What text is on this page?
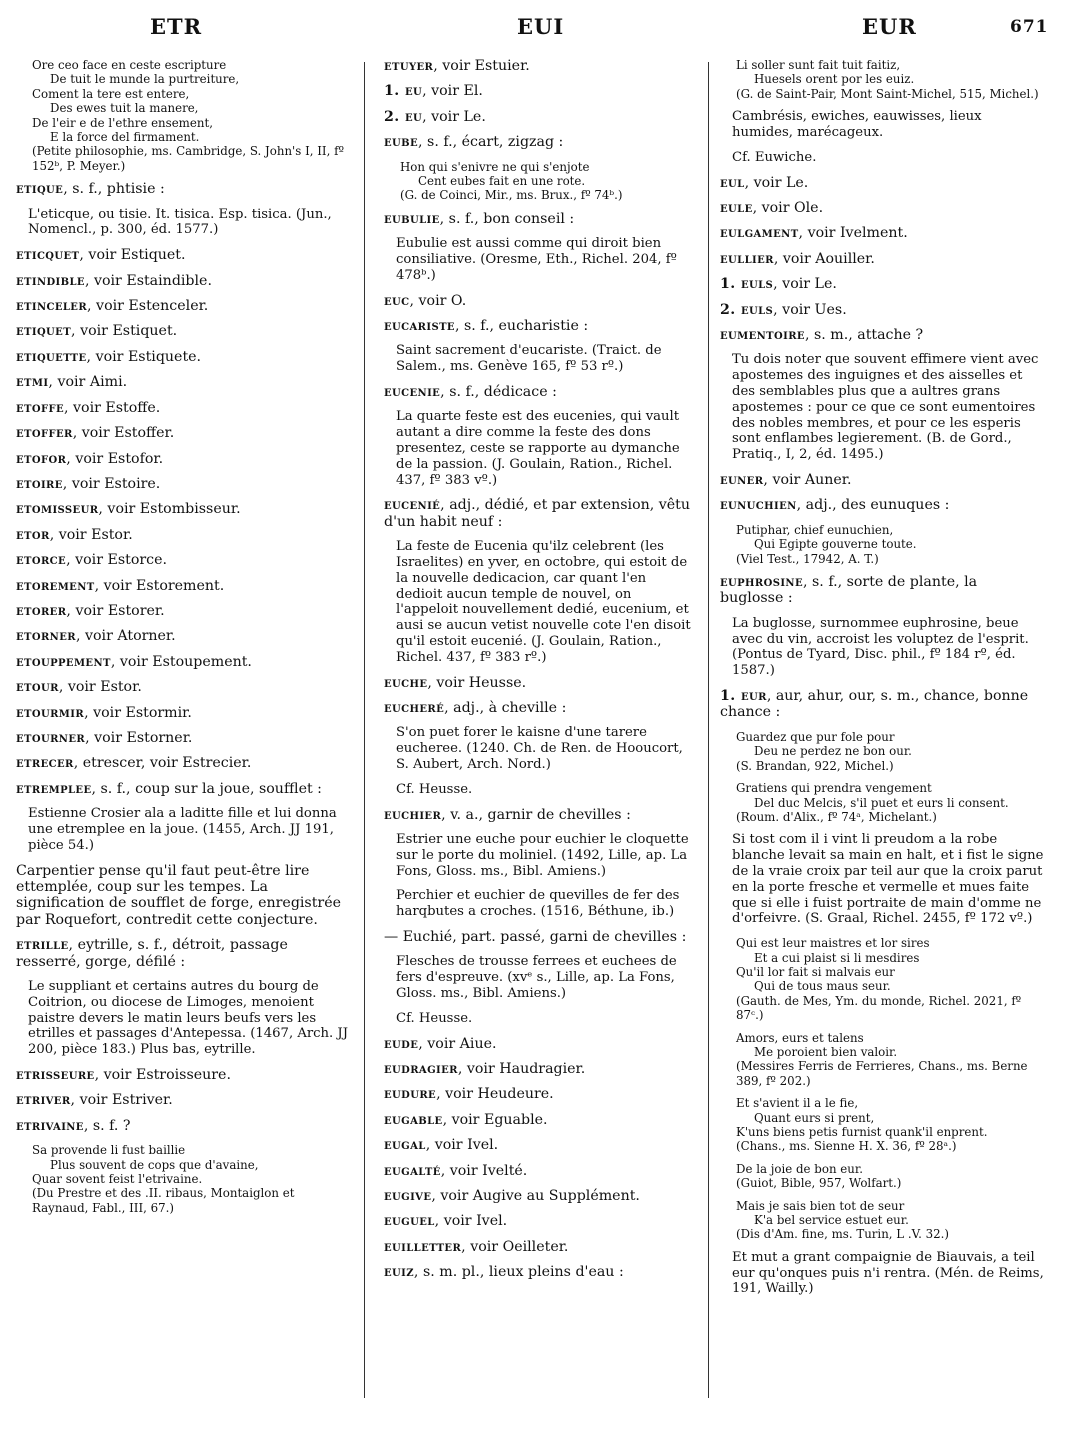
ETR	EUI	EUR	671
Ore ceo face en ceste escripture
De tuit le munde la purtreiture,
Coment la tere est entere,
Des ewes tuit la manere,
De l'eir e de l'ethre ensement,
E la force del firmament.
(Petite philosophie, ms. Cambridge, S. John's I, II, fº 152ᵇ, P. Meyer.)

etique, s. f., phtisie :

L'eticque, ou tisie. It. tisica. Esp. tisica. (Jun., Nomencl., p. 300, éd. 1577.)

eticquet, voir Estiquet.

etindible, voir Estaindible.

etinceler, voir Estenceler.

etiquet, voir Estiquet.

etiquette, voir Estiquete.

etmi, voir Aimi.

etoffe, voir Estoffe.

etoffer, voir Estoffer.

etofor, voir Estofor.

etoire, voir Estoire.

etomisseur, voir Estombisseur.

etor, voir Estor.

etorce, voir Estorce.

etorement, voir Estorement.

etorer, voir Estorer.

etorner, voir Atorner.

etouppement, voir Estoupement.

etour, voir Estor.

etourmir, voir Estormir.

etourner, voir Estorner.

etrecer, etrescer, voir Estrecier.

etremplee, s. f., coup sur la joue, soufflet :

Estienne Crosier ala a laditte fille et lui donna une etremplee en la joue. (1455, Arch. JJ 191, pièce 54.)

Carpentier pense qu'il faut peut-être lire ettemplée, coup sur les tempes. La signification de soufflet de forge, enregistrée par Roquefort, contredit cette conjecture.

etrille, eytrille, s. f., détroit, passage resserré, gorge, défilé :

Le suppliant et certains autres du bourg de Coitrion, ou diocese de Limoges, menoient paistre devers le matin leurs beufs vers les etrilles et passages d'Antepessa. (1467, Arch. JJ 200, pièce 183.) Plus bas, eytrille.

etrisseure, voir Estroisseure.

etriver, voir Estriver.

etrivaine, s. f. ?

Sa provende li fust baillie
Plus souvent de cops que d'avaine,
Quar sovent feist l'etrivaine.
(Du Prestre et des .II. ribaus, Montaiglon et Raynaud, Fabl., III, 67.)

etuyer, voir Estuier.

1. eu, voir El.

2. eu, voir Le.

eube, s. f., écart, zigzag :

Hon qui s'enivre ne qui s'enjote
Cent eubes fait en une rote.
(G. de Coinci, Mir., ms. Brux., fº 74ᵇ.)

eubulie, s. f., bon conseil :

Eubulie est aussi comme qui diroit bien consiliative. (Oresme, Eth., Richel. 204, fº 478ᵇ.)

euc, voir O.

eucariste, s. f., eucharistie :

Saint sacrement d'eucariste. (Traict. de Salem., ms. Genève 165, fº 53 rº.)

eucenie, s. f., dédicace :

La quarte feste est des eucenies, qui vault autant a dire comme la feste des dons presentez, ceste se rapporte au dymanche de la passion. (J. Goulain, Ration., Richel. 437, fº 383 vº.)

eucenié, adj., dédié, et par extension, vêtu d'un habit neuf :

La feste de Eucenia qu'ilz celebrent (les Israelites) en yver, en octobre, qui estoit de la nouvelle dedicacion, car quant l'en dedioit aucun temple de nouvel, on l'appeloit nouvellement dedié, eucenium, et ausi se aucun vetist nouvelle cote l'en disoit qu'il estoit eucenié. (J. Goulain, Ration., Richel. 437, fº 383 rº.)

euche, voir Heusse.

eucheré, adj., à cheville :

S'on puet forer le kaisne d'une tarere eucheree. (1240. Ch. de Ren. de Hooucort, S. Aubert, Arch. Nord.)

Cf. Heusse.

euchier, v. a., garnir de chevilles :

Estrier une euche pour euchier le cloquette sur le porte du moliniel. (1492, Lille, ap. La Fons, Gloss. ms., Bibl. Amiens.)

Perchier et euchier de quevilles de fer des harqbutes a croches. (1516, Béthune, ib.)

— Euchié, part. passé, garni de chevilles :

Flesches de trousse ferrees et euchees de fers d'espreuve. (xvᵉ s., Lille, ap. La Fons, Gloss. ms., Bibl. Amiens.)

Cf. Heusse.

eude, voir Aiue.

eudragier, voir Haudragier.

eudure, voir Heudeure.

eugable, voir Eguable.

eugal, voir Ivel.

eugalté, voir Ivelté.

eugive, voir Augive au Supplément.

euguel, voir Ivel.

euilletter, voir Oeilleter.

euiz, s. m. pl., lieux pleins d'eau :

Li soller sunt fait tuit faitiz,
Huesels orent por les euiz.
(G. de Saint-Pair, Mont Saint-Michel, 515, Michel.)

Cambrésis, ewiches, eauwisses, lieux humides, marécageux.

Cf. Euwiche.

eul, voir Le.

eule, voir Ole.

eulgament, voir Ivelment.

eullier, voir Aouiller.

1. euls, voir Le.

2. euls, voir Ues.

eumentoire, s. m., attache ?

Tu dois noter que souvent effimere vient avec apostemes des inguignes et des aisselles et des semblables plus que a aultres grans apostemes : pour ce que ce sont eumentoires des nobles membres, et pour ce les esperis sont enflambes legierement. (B. de Gord., Pratiq., I, 2, éd. 1495.)

euner, voir Auner.

eunuchien, adj., des eunuques :

Putiphar, chief eunuchien,
Qui Egipte gouverne toute.
(Viel Test., 17942, A. T.)

euphrosine, s. f., sorte de plante, la buglosse :

La buglosse, surnommee euphrosine, beue avec du vin, accroist les voluptez de l'esprit. (Pontus de Tyard, Disc. phil., fº 184 rº, éd. 1587.)

1. eur, aur, ahur, our, s. m., chance, bonne chance :

Guardez que pur fole pour
Deu ne perdez ne bon our.
(S. Brandan, 922, Michel.)
Gratiens qui prendra vengement
Del duc Melcis, s'il puet et eurs li consent.
(Roum. d'Alix., fº 74ᵃ, Michelant.)

Si tost com il i vint li preudom a la robe blanche levait sa main en halt, et i fist le signe de la vraie croix par teil aur que la croix parut en la porte fresche et vermelle et mues faite que si elle i fuist portraite de main d'omme ne d'orfeivre. (S. Graal, Richel. 2455, fº 172 vº.)

Qui est leur maistres et lor sires
Et a cui plaist si li mesdires
Qu'il lor fait si malvais eur
Qui de tous maus seur.
(Gauth. de Mes, Ym. du monde, Richel. 2021, fº 87ᶜ.)
Amors, eurs et talens
Me poroient bien valoir.
(Messires Ferris de Ferrieres, Chans., ms. Berne 389, fº 202.)
Et s'avient il a le fie,
Quant eurs si prent,
K'uns biens petis furnist quank'il enprent.
(Chans., ms. Sienne H. X. 36, fº 28ᵃ.)
De la joie de bon eur.
(Guiot, Bible, 957, Wolfart.)
Mais je sais bien tot de seur
K'a bel service estuet eur.
(Dis d'Am. fine, ms. Turin, L .V. 32.)

Et mut a grant compaignie de Biauvais, a teil eur qu'onques puis n'i rentra. (Mén. de Reims, 191, Wailly.)
